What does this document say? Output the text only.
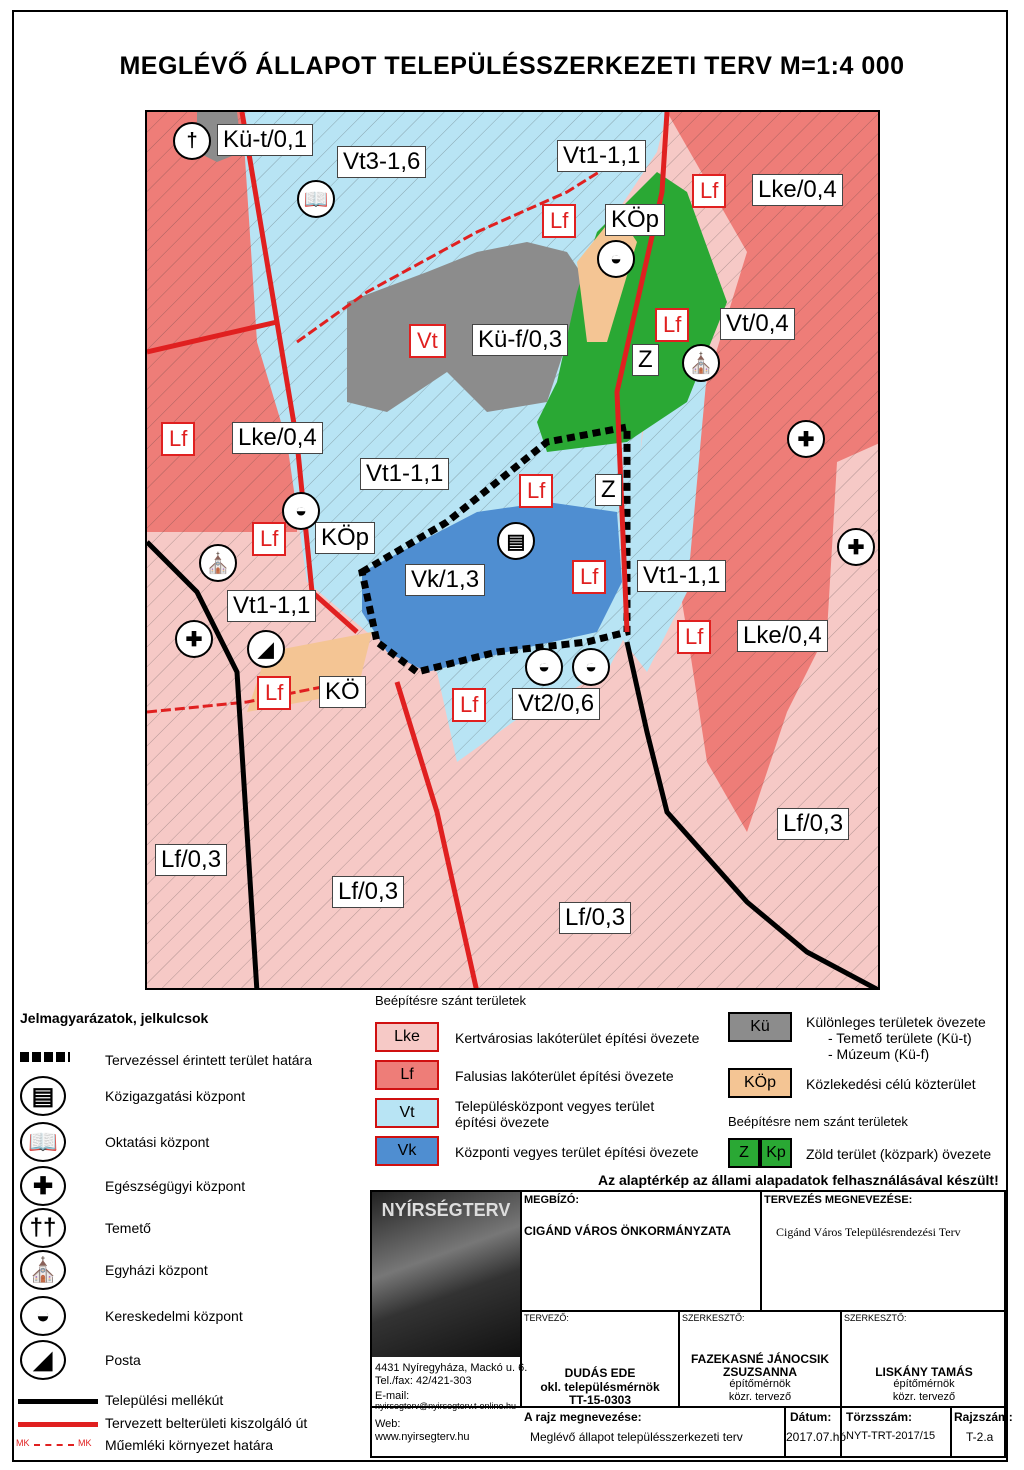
MEGLÉVŐ ÁLLAPOT TELEPÜLÉSSZERKEZETI TERV M=1:4 000
Kü-t/0,1
Vt3-1,6	Vt1-1,1
Lf	Lke/0,4
Lf	KÖp
Vt	Kü-f/0,3
Lf	Vt/0,4
Z
Lf	Lke/0,4
Vt1-1,1
Lf	Z
Lf	KÖp
Vk/1,3	Lf	Vt1-1,1
Vt1-1,1
Lf	Lke/0,4
Lf	KÖ	Lf	Vt2/0,6
Lf/0,3
Lf/0,3
Lf/0,3
Lf/0,3
†
📖
◒
⛪
✚
◒
▤	✚
⛪
✚	◢
◒	◒
Jelmagyarázatok, jelkulcsok
Tervezéssel érintett terület határa
▤	Közigazgatási központ
📖	Oktatási központ
✚	Egészségügyi központ
††	Temető
⛪	Egyházi központ
◒	Kereskedelmi központ
◢	Posta
Települési mellékút
Tervezett belterületi kiszolgáló út
MK	MK Műemléki környezet határa
Beépítésre szánt területek
Lke	Kertvárosias lakóterület építési övezete
Lf	Falusias lakóterület építési övezete
Vt	Településközpont vegyes terület építési övezete
Vk	Központi vegyes terület építési övezete
Kü	Különleges területek övezete
- Temető területe (Kü-t)
- Múzeum (Kü-f)
KÖp	Közlekedési célú közterület
Beépítésre nem szánt területek
Z	Kp	Zöld terület (közpark) övezete
Az alaptérkép az állami alapadatok felhasználásával készült!
NYÍRSÉGTERV
4431 Nyíregyháza, Mackó u. 6.
Tel./fax: 42/421-303
E-mail:
nyirsegterv@nyirsegterv.t-online.hu
Web:
www.nyirsegterv.hu
MEGBÍZÓ:
CIGÁND VÁROS ÖNKORMÁNYZATA
TERVEZÉS MEGNEVEZÉSE:
Cigánd Város Településrendezési Terv
TERVEZŐ:
DUDÁS EDE
okl. településmérnök
TT-15-0303
SZERKESZTŐ:
FAZEKASNÉ JÁNOCSIK
ZSUZSANNA
építőmérnök
közr. tervező
SZERKESZTŐ:
LISKÁNY TAMÁS
építőmérnök
közr. tervező
A rajz megnevezése:
Meglévő állapot településszerkezeti terv
Dátum:
2017.07.hó
Törzsszám:
NYT-TRT-2017/15
Rajzszám:
T-2.a
